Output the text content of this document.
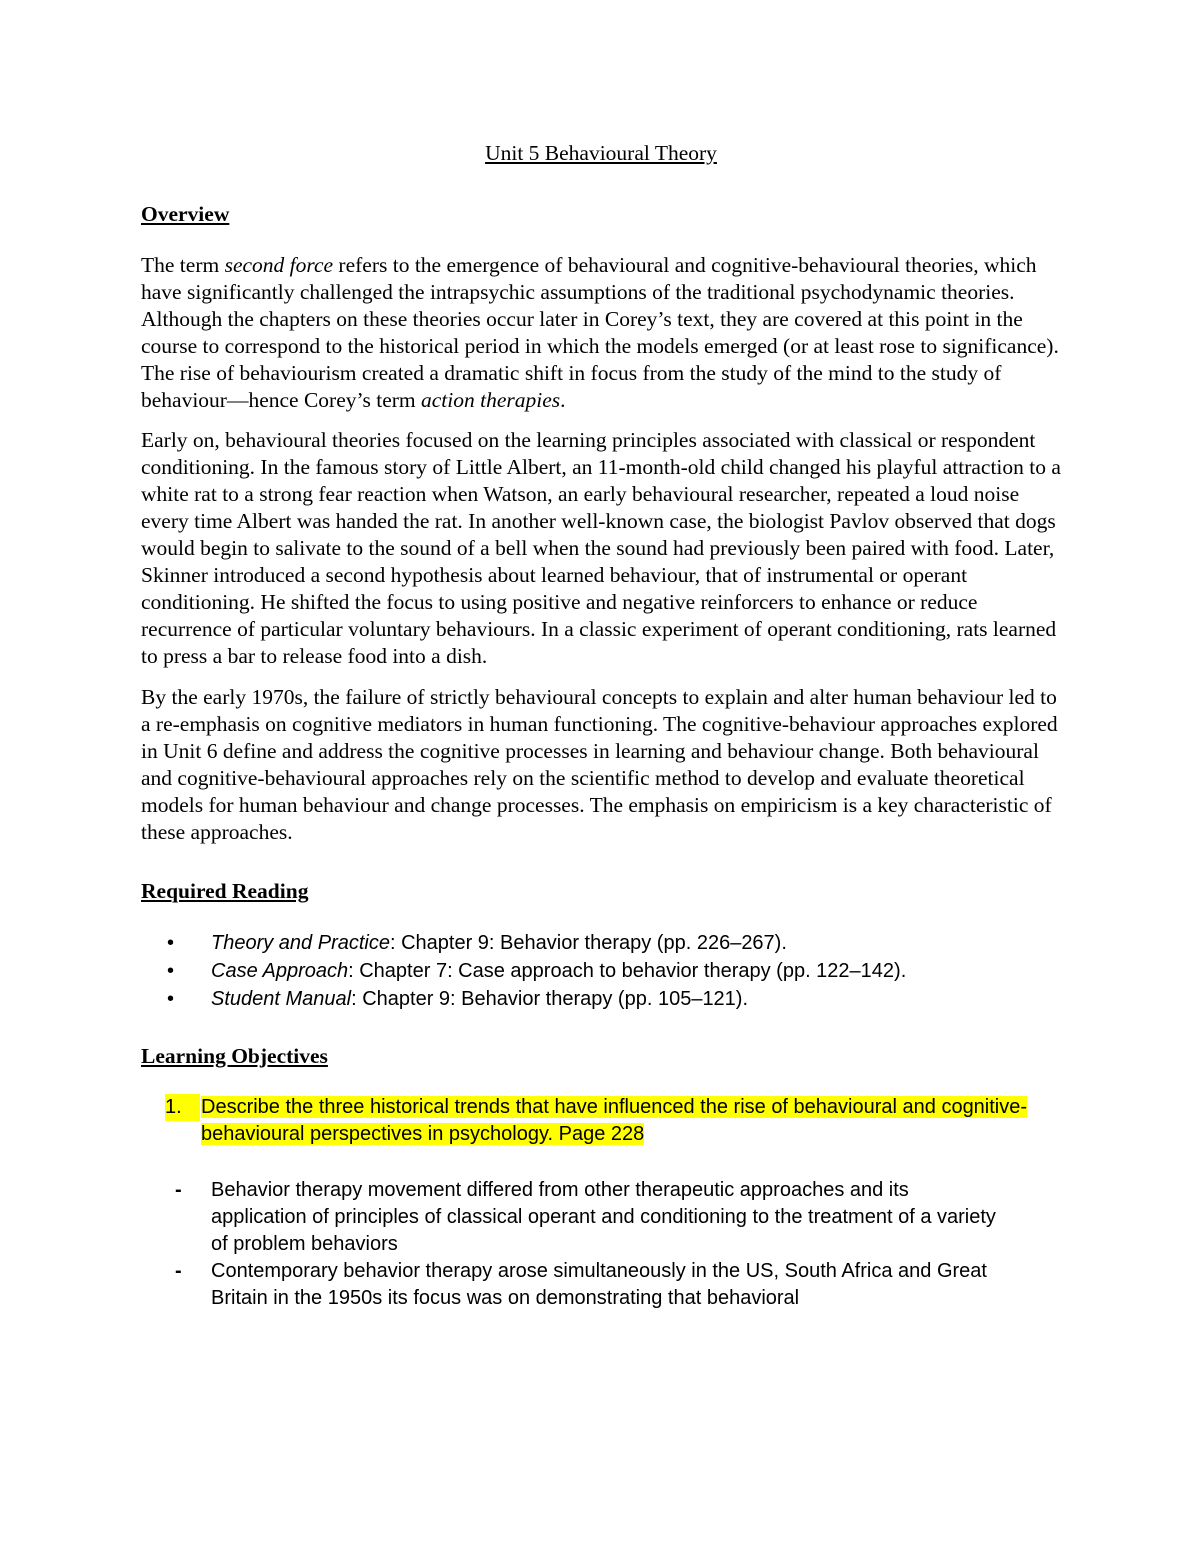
Unit 5 Behavioural Theory
Overview

The term second force refers to the emergence of behavioural and cognitive-behavioural theories, which have significantly challenged the intrapsychic assumptions of the traditional psychodynamic theories. Although the chapters on these theories occur later in Corey’s text, they are covered at this point in the course to correspond to the historical period in which the models emerged (or at least rose to significance). The rise of behaviourism created a dramatic shift in focus from the study of the mind to the study of behaviour—hence Corey’s term action therapies.

Early on, behavioural theories focused on the learning principles associated with classical or respondent conditioning. In the famous story of Little Albert, an 11-month-old child changed his playful attraction to a white rat to a strong fear reaction when Watson, an early behavioural researcher, repeated a loud noise every time Albert was handed the rat. In another well-known case, the biologist Pavlov observed that dogs would begin to salivate to the sound of a bell when the sound had previously been paired with food. Later, Skinner introduced a second hypothesis about learned behaviour, that of instrumental or operant conditioning. He shifted the focus to using positive and negative reinforcers to enhance or reduce recurrence of particular voluntary behaviours. In a classic experiment of operant conditioning, rats learned to press a bar to release food into a dish.

By the early 1970s, the failure of strictly behavioural concepts to explain and alter human behaviour led to a re-emphasis on cognitive mediators in human functioning. The cognitive-behaviour approaches explored in Unit 6 define and address the cognitive processes in learning and behaviour change. Both behavioural and cognitive-behavioural approaches rely on the scientific method to develop and evaluate theoretical models for human behaviour and change processes. The emphasis on empiricism is a key characteristic of these approaches.

Required Reading
• Theory and Practice: Chapter 9: Behavior therapy (pp. 226–267).
• Case Approach: Chapter 7: Case approach to behavior therapy (pp. 122–142).
• Student Manual: Chapter 9: Behavior therapy (pp. 105–121).
Learning Objectives
1. Describe the three historical trends that have influenced the rise of behavioural and cognitive-behavioural perspectives in psychology. Page 228
- Behavior therapy movement differed from other therapeutic approaches and its application of principles of classical operant and conditioning to the treatment of a variety of problem behaviors
- Contemporary behavior therapy arose simultaneously in the US, South Africa and Great Britain in the 1950s its focus was on demonstrating that behavioral
